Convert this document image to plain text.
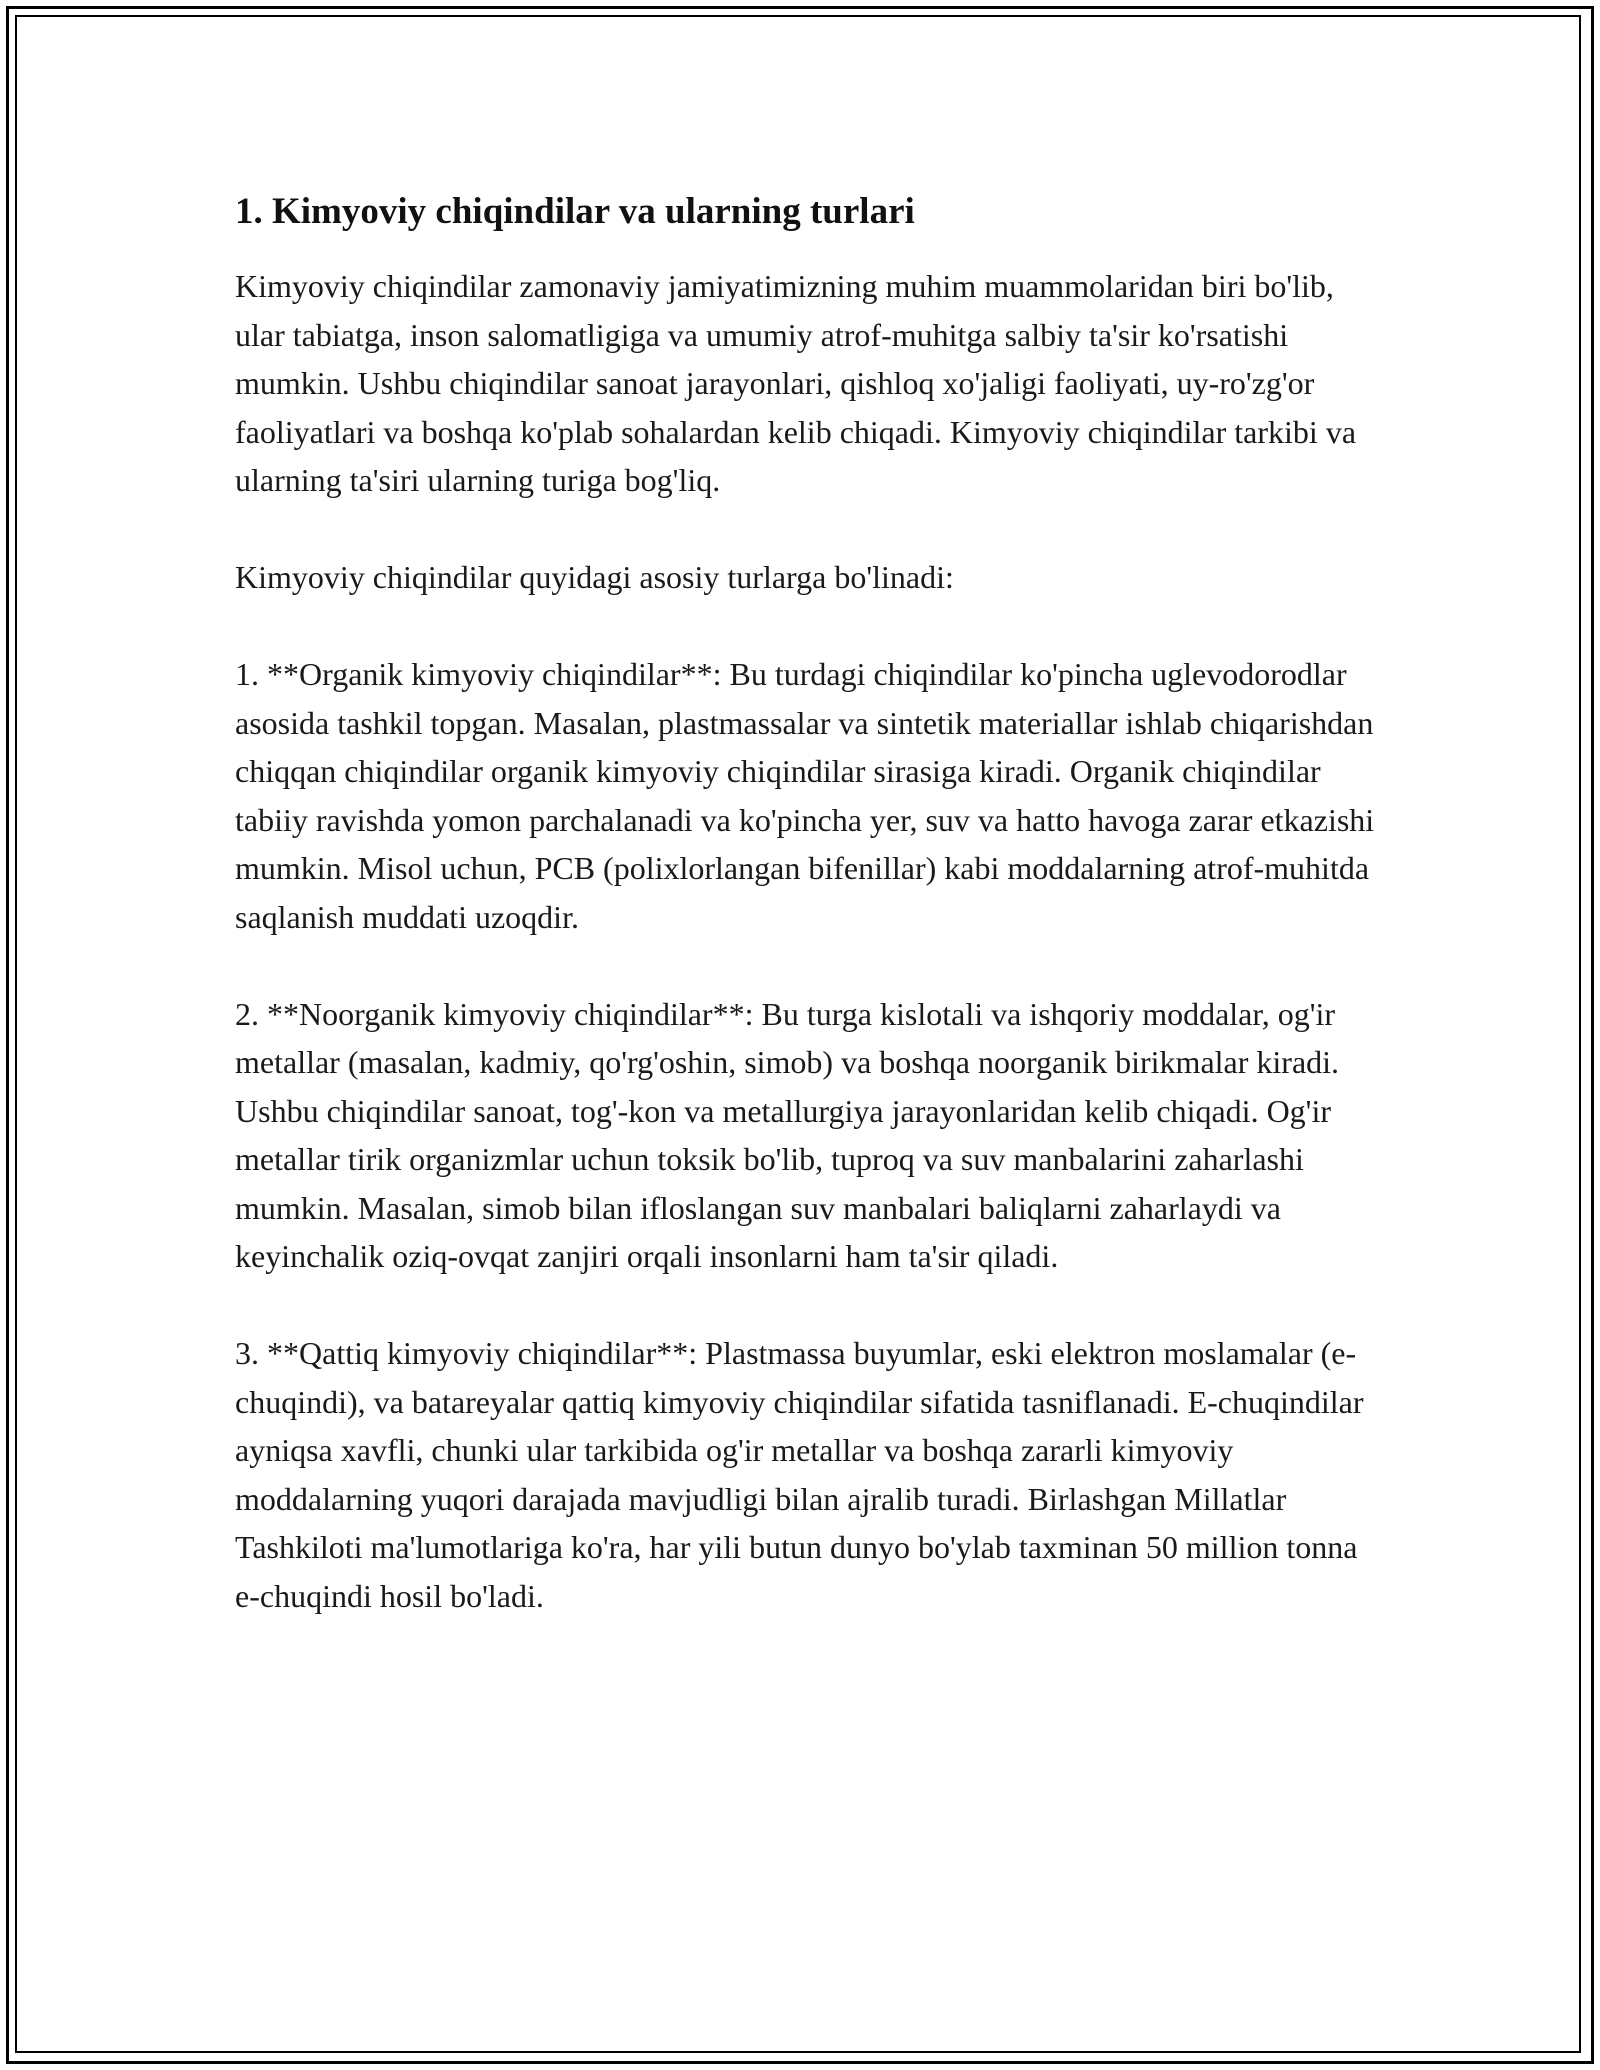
1. Kimyoviy chiqindilar va ularning turlari

Kimyoviy chiqindilar zamonaviy jamiyatimizning muhim muammolaridan biri bo'lib, ular tabiatga, inson salomatligiga va umumiy atrof-muhitga salbiy ta'sir ko'rsatishi mumkin. Ushbu chiqindilar sanoat jarayonlari, qishloq xo'jaligi faoliyati, uy-ro'zg'or faoliyatlari va boshqa ko'plab sohalardan kelib chiqadi. Kimyoviy chiqindilar tarkibi va ularning ta'siri ularning turiga bog'liq.

Kimyoviy chiqindilar quyidagi asosiy turlarga bo'linadi:

1. **Organik kimyoviy chiqindilar**: Bu turdagi chiqindilar ko'pincha uglevodorodlar asosida tashkil topgan. Masalan, plastmassalar va sintetik materiallar ishlab chiqarishdan chiqqan chiqindilar organik kimyoviy chiqindilar sirasiga kiradi. Organik chiqindilar tabiiy ravishda yomon parchalanadi va ko'pincha yer, suv va hatto havoga zarar etkazishi mumkin. Misol uchun, PCB (polixlorlangan bifenillar) kabi moddalarning atrof-muhitda saqlanish muddati uzoqdir.

2. **Noorganik kimyoviy chiqindilar**: Bu turga kislotali va ishqoriy moddalar, og'ir metallar (masalan, kadmiy, qo'rg'oshin, simob) va boshqa noorganik birikmalar kiradi. Ushbu chiqindilar sanoat, tog'-kon va metallurgiya jarayonlaridan kelib chiqadi. Og'ir metallar tirik organizmlar uchun toksik bo'lib, tuproq va suv manbalarini zaharlashi mumkin. Masalan, simob bilan ifloslangan suv manbalari baliqlarni zaharlaydi va keyinchalik oziq-ovqat zanjiri orqali insonlarni ham ta'sir qiladi.

3. **Qattiq kimyoviy chiqindilar**: Plastmassa buyumlar, eski elektron moslamalar (e-chuqindi), va batareyalar qattiq kimyoviy chiqindilar sifatida tasniflanadi. E-chuqindilar ayniqsa xavfli, chunki ular tarkibida og'ir metallar va boshqa zararli kimyoviy moddalarning yuqori darajada mavjudligi bilan ajralib turadi. Birlashgan Millatlar Tashkiloti ma'lumotlariga ko'ra, har yili butun dunyo bo'ylab taxminan 50 million tonna e-chuqindi hosil bo'ladi.
